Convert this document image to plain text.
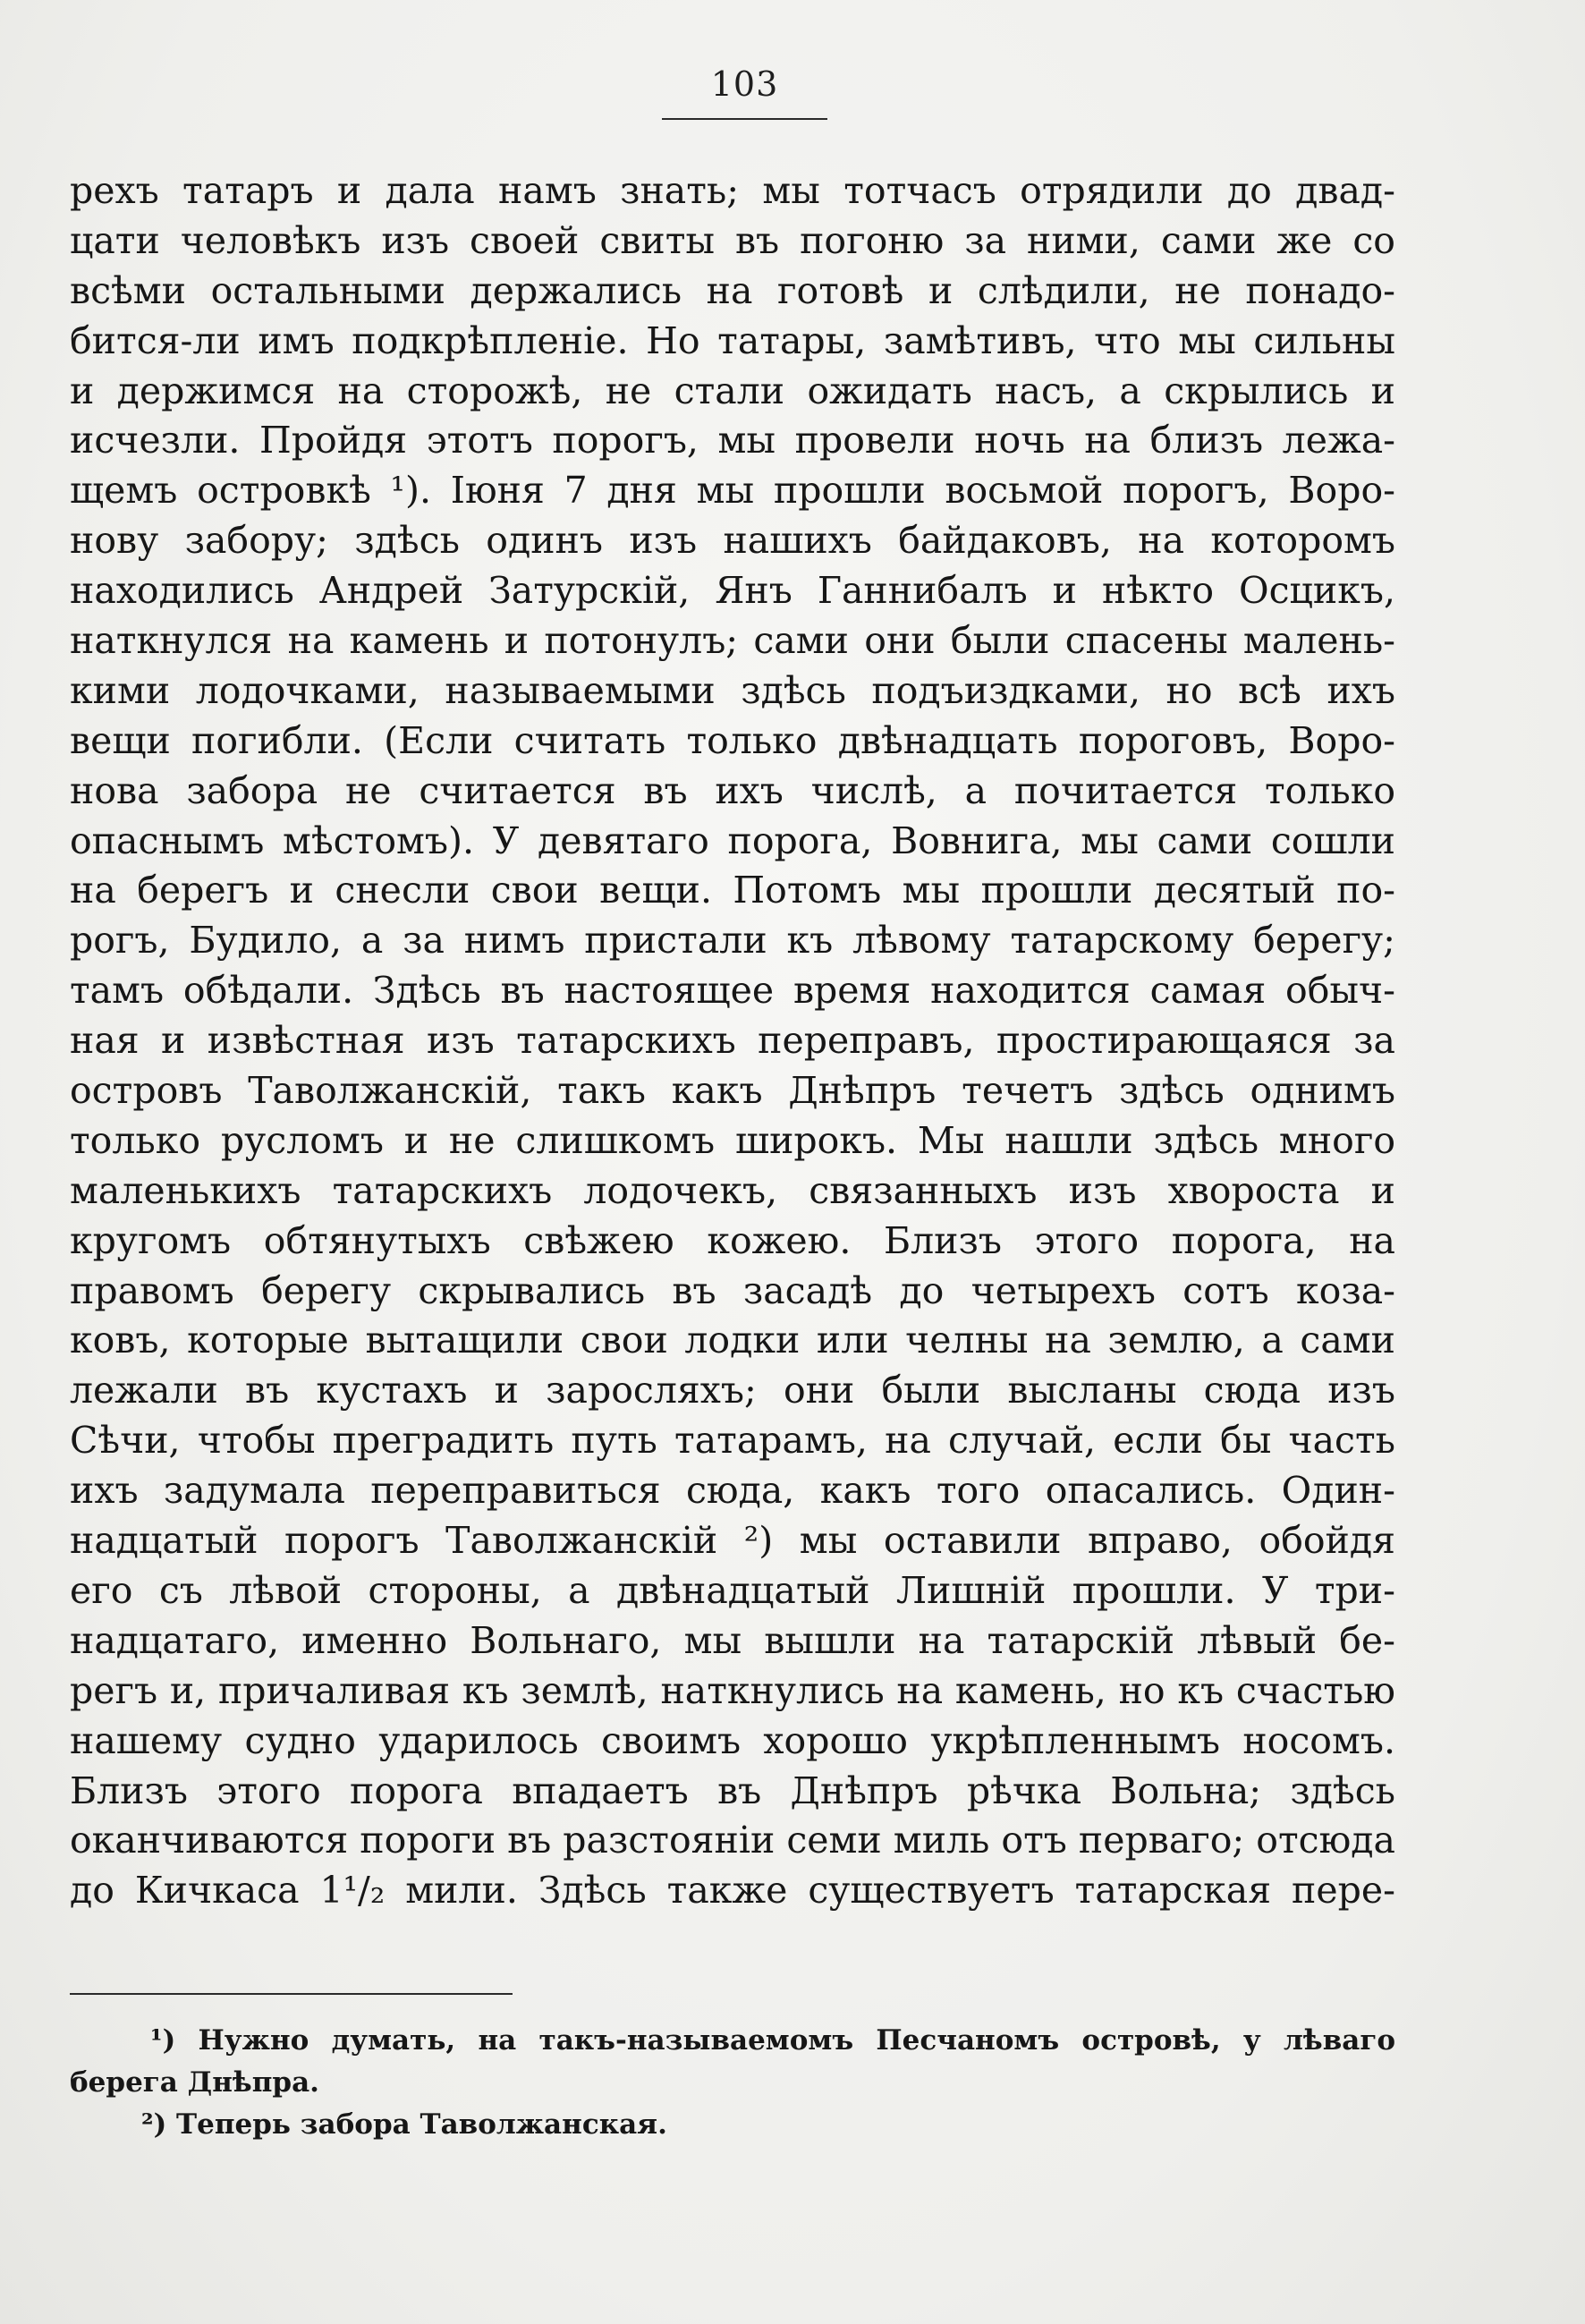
103
рехъ татаръ и дала намъ знать; мы тотчасъ отрядили до двад-
цати человѣкъ изъ своей свиты въ погоню за ними, сами же со
всѣми остальными держались на готовѣ и слѣдили, не понадо-
бится-ли имъ подкрѣпленіе. Но татары, замѣтивъ, что мы сильны
и держимся на сторожѣ, не стали ожидать насъ, а скрылись и
исчезли. Пройдя этотъ порогъ, мы провели ночь на близъ лежа-
щемъ островкѣ ¹). Іюня 7 дня мы прошли восьмой порогъ, Воро-
нову забору; здѣсь одинъ изъ нашихъ байдаковъ, на которомъ
находились Андрей Затурскій, Янъ Ганнибалъ и нѣкто Осцикъ,
наткнулся на камень и потонулъ; сами они были спасены малень-
кими лодочками, называемыми здѣсь подъиздками, но всѣ ихъ
вещи погибли. (Если считать только двѣнадцать пороговъ, Воро-
нова забора не считается въ ихъ числѣ, а почитается только
опаснымъ мѣстомъ). У девятаго порога, Вовнига, мы сами сошли
на берегъ и снесли свои вещи. Потомъ мы прошли десятый по-
рогъ, Будило, а за нимъ пристали къ лѣвому татарскому берегу;
тамъ обѣдали. Здѣсь въ настоящее время находится самая обыч-
ная и извѣстная изъ татарскихъ переправъ, простирающаяся за
островъ Таволжанскій, такъ какъ Днѣпръ течетъ здѣсь однимъ
только русломъ и не слишкомъ широкъ. Мы нашли здѣсь много
маленькихъ татарскихъ лодочекъ, связанныхъ изъ хвороста и
кругомъ обтянутыхъ свѣжею кожею. Близъ этого порога, на
правомъ берегу скрывались въ засадѣ до четырехъ сотъ коза-
ковъ, которые вытащили свои лодки или челны на землю, а сами
лежали въ кустахъ и заросляхъ; они были высланы сюда изъ
Сѣчи, чтобы преградить путь татарамъ, на случай, если бы часть
ихъ задумала переправиться сюда, какъ того опасались. Один-
надцатый порогъ Таволжанскій ²) мы оставили вправо, обойдя
его съ лѣвой стороны, а двѣнадцатый Лишній прошли. У три-
надцатаго, именно Вольнаго, мы вышли на татарскій лѣвый бе-
регъ и, причаливая къ землѣ, наткнулись на камень, но къ счастью
нашему судно ударилось своимъ хорошо укрѣпленнымъ носомъ.
Близъ этого порога впадаетъ въ Днѣпръ рѣчка Вольна; здѣсь
оканчиваются пороги въ разстояніи семи миль отъ перваго; отсюда
до Кичкаса 1¹/₂ мили. Здѣсь также существуетъ татарская пере-
¹) Нужно думать, на такъ-называемомъ Песчаномъ островѣ, у лѣваго
берега Днѣпра.
²) Теперь забора Таволжанская.
